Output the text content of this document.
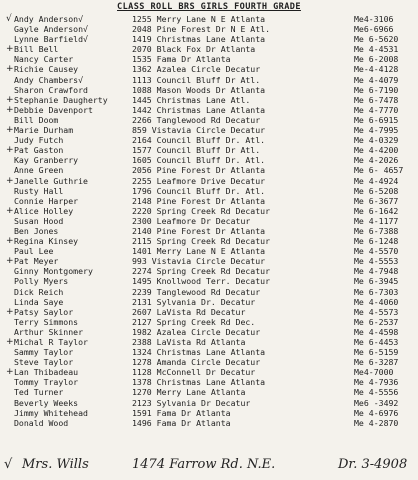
CLASS ROLL BRS GIRLS FOURTH GRADE
√ Andy Anderson√	1255 Merry Lane N E Atlanta	Me4-3106
Gayle Anderson√	2048 Pine Forest Dr N E Atl.	Me6-6966
Lynne Barfield√	1419 Christmas Lane Atlanta	Me 6-5620
+ Bill Bell	2070 Black Fox Dr Atlanta	Me 4-4531
Nancy Carter	1535 Fama Dr Atlanta	Me 6-2008
+ Richie Causey	1362 Azalea Circle Decatur	Me-4-4128
Andy Chambers√	1113 Council Bluff Dr Atl.	Me 4-4079
Sharon Crawford	1088 Mason Woods Dr Atlanta	Me 6-7190
+ Stephanie Daugherty	1445 Christmas Lane Atl.	Me 6-7478
+ Debbie Davenport	1442 Christmas Lane Atlanta	Me 4-7770
Bill Doom	2266 Tanglewood Rd Decatur	Me 6-6915
+ Marie Durham	859 Vistavia Circle Decatur	Me 4-7995
Judy Futch	2164 Council Bluff Dr. Atl.	Me 4-0329
+ Pat Gaston	1577 Council Bluff Dr Atl.	Me 4-4200
Kay Granberry	1605 Council Bluff Dr. Atl.	Me 4-2026
Anne Green	2056 Pine Forest Dr Atlanta	Me 6- 4657
+ Janelle Guthrie	2255 Leafmore Drive Decatur	Me 4-4924
Rusty Hall	1796 Council Bluff Dr. Atl.	Me 6-5208
Connie Harper	2148 Pine Forest Dr Atlanta	Me 6-3677
+ Alice Holley	2220 Spring Creek Rd Decatur	Me 6-1642
Susan Hood	2300 Leafmore Dr Decatur	Me 4-1177
Ben Jones	2140 Pine Forest Dr Atlanta	Me 6-7388
+ Regina Kinsey	2115 Spring Creek Rd Decatur	Me 6-1248
Paul Lee	1401 Merry Lane N E Atlanta	Me 4-5570
+ Pat Meyer	993 Vistavia Circle Decatur	Me 4-5553
Ginny Montgomery	2274 Spring Creek Rd Decatur	Me 4-7948
Polly Myers	1495 Knollwood Terr. Decatur	Me 6-3945
Dick Reich	2239 Tanglewood Rd Decatur	Me 6-7303
Linda Saye	2131 Sylvania Dr. Decatur	Me 4-4060
+ Patsy Saylor	2607 LaVista Rd Decatur	Me 4-5573
Terry Simmons	2127 Spring Creek Rd Dec.	Me 6-2537
Arthur Skinner	1982 Azalea Circle Decatur	Me 4-4598
+ Michal R Taylor	2388 LaVista Rd Atlanta	Me 6-4453
Sammy Taylor	1324 Christmas Lane Atlanta	Me 6-5159
Steve Taylor	1278 Amanda Circle Decatur	Me 6-3287
+ Lan Thibadeau	1128 McConnell Dr Decatur	Me4-7000
Tommy Traylor	1378 Christmas Lane Atlanta	Me 4-7936
Ted Turner	1270 Merry Lane Atlanta	Me 4-5556
Beverly Weeks	2123 Sylvania Dr Decatur	Me6 -3492
Jimmy Whitehead	1591 Fama Dr Atlanta	Me 4-6976
Donald Wood	1496 Fama Dr Atlanta	Me 4-2870
√ Mrs. Wills	1474 Farrow Rd. N.E.	Dr. 3-4908
